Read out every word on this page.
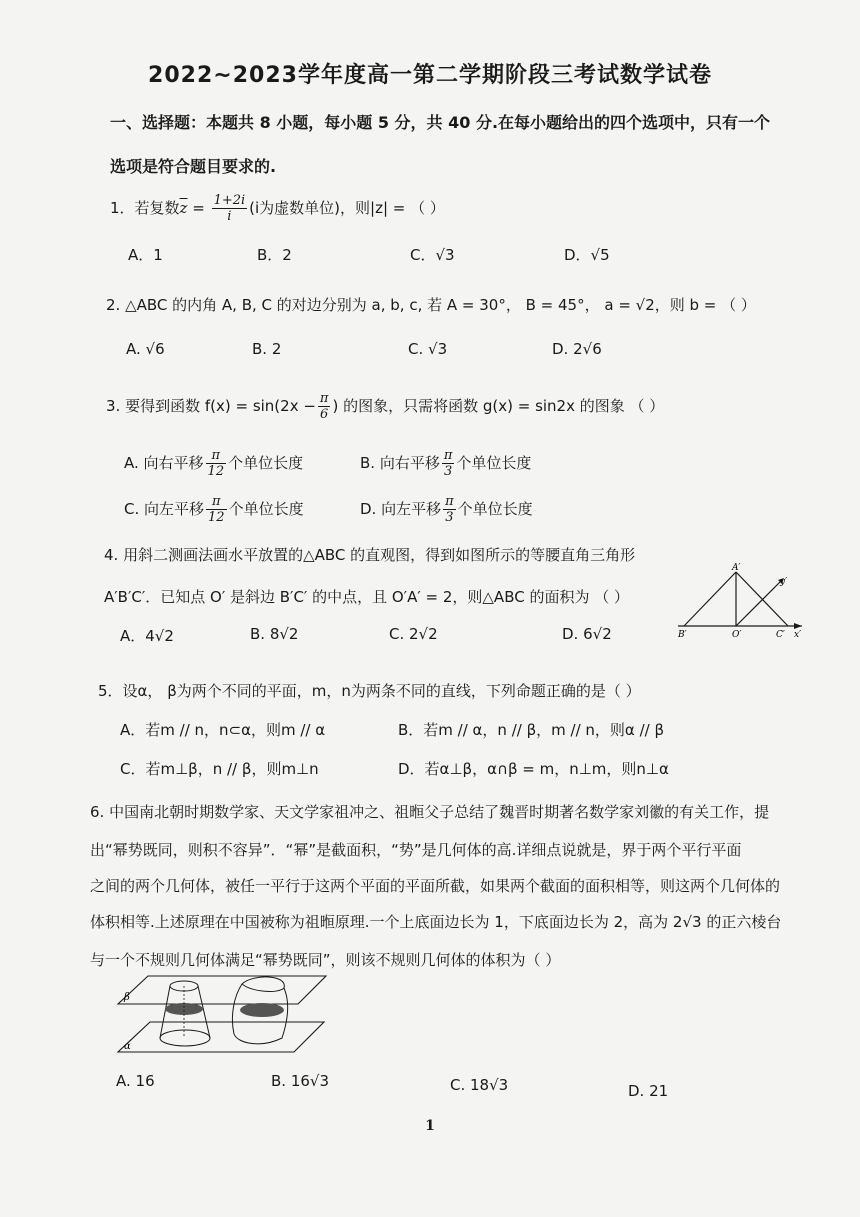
2022~2023学年度高一第二学期阶段三考试数学试卷
一、选择题：本题共 8 小题，每小题 5 分，共 40 分.在每小题给出的四个选项中，只有一个
选项是符合题目要求的.
1．若复数$\overline{z} = \frac{1+2i}{i} (i$为虚数单位)，则|z| = （ ）
A．1	B．2	C．√3	D．√5
2. △ABC 的内角 A, B, C 的对边分别为 a, b, c, 若 A = 30°， B = 45°， a = √2，则 b = （ ）
A. √6	B. 2	C. √3	D. 2√6
3. 要得到函数 $f(x) = \sin(2x - \frac{\pi}{6}$ ) 的图象，只需将函数 g(x) = sin2x 的图象 （ ）
A. 向右平移 $\frac{\pi}{12}$ 个单位长度	B. 向右平移 $\frac{\pi}{3}$ 个单位长度
C. 向左平移 $\frac{\pi}{12}$ 个单位长度	D. 向左平移 $\frac{\pi}{3}$ 个单位长度
4. 用斜二测画法画水平放置的△ABC 的直观图，得到如图所示的等腰直角三角形
A′B′C′．已知点 O′ 是斜边 B′C′ 的中点，且 O′A′ = 2，则△ABC 的面积为 （ ）
A．4√2	B. 8√2	C. 2√2	D. 6√2
A′
B′	O′	C′ x′
y′
5．设α， β为两个不同的平面，m，n为两条不同的直线，下列命题正确的是（ ）
A．若m // n，n⊂α，则m // α	B．若m // α，n // β，m // n，则α // β
C．若m⊥β，n // β，则m⊥n	D．若α⊥β，α∩β = m，n⊥m，则n⊥α
6. 中国南北朝时期数学家、天文学家祖冲之、祖暅父子总结了魏晋时期著名数学家刘徽的有关工作，提
出“幂势既同，则积不容异”．“幂”是截面积，“势”是几何体的高.详细点说就是，界于两个平行平面
之间的两个几何体，被任一平行于这两个平面的平面所截，如果两个截面的面积相等，则这两个几何体的
体积相等.上述原理在中国被称为祖暅原理.一个上底面边长为 1，下底面边长为 2，高为 2√3 的正六棱台
与一个不规则几何体满足“幂势既同”，则该不规则几何体的体积为（ ）
β
α
A. 16	B. 16√3	C. 18√3	D. 21
1
